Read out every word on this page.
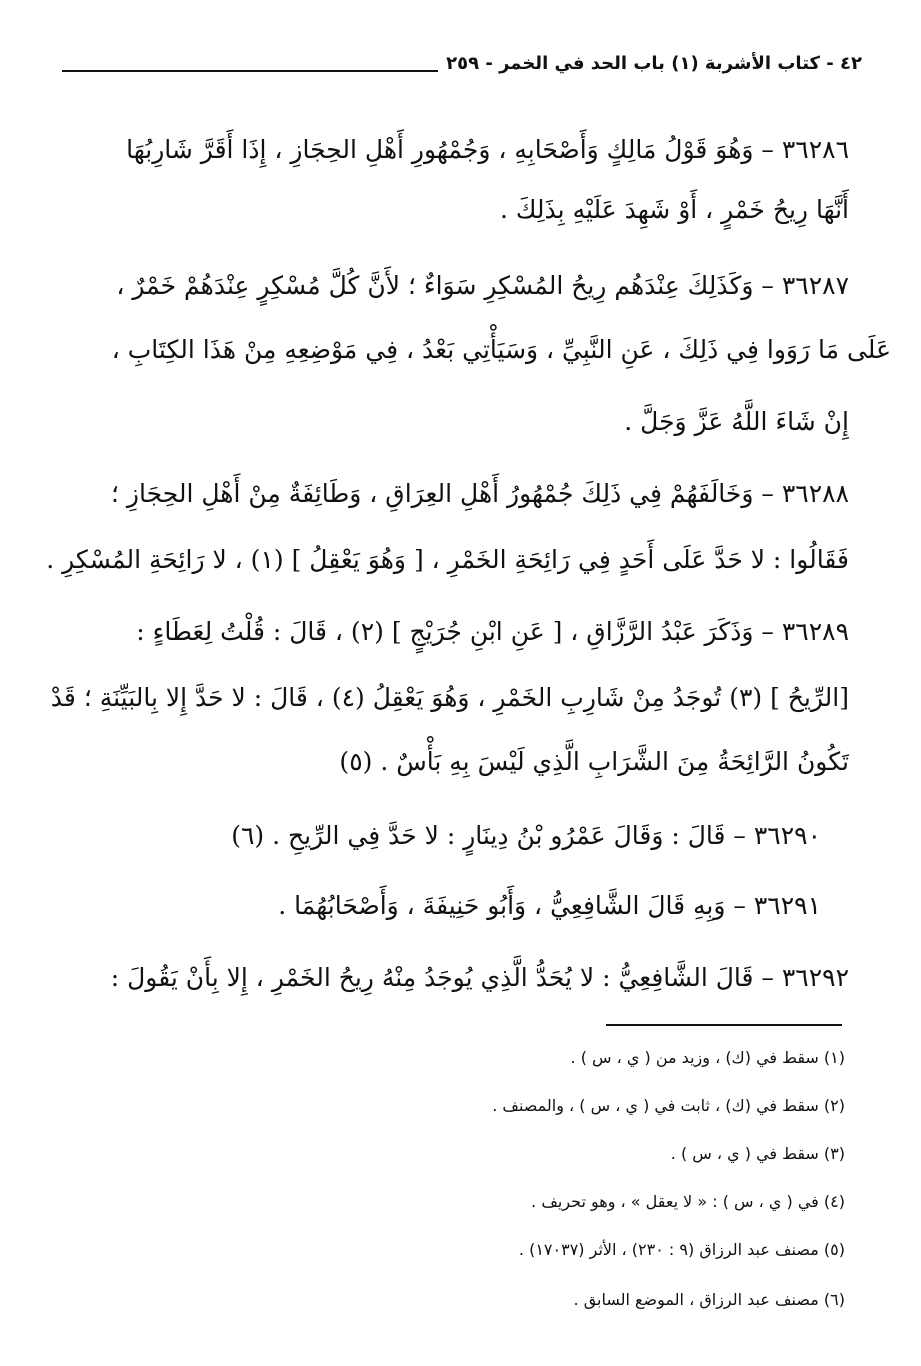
٤٢ - كتاب الأشربة (١) باب الحد في الخمر - ٢٥٩
٣٦٢٨٦ – وَهُوَ قَوْلُ مَالِكٍ وَأَصْحَابِهِ ، وَجُمْهُورِ أَهْلِ الحِجَازِ ، إِذَا أَقَرَّ شَارِبُهَا
أَنَّهَا رِيحُ خَمْرٍ ، أَوْ شَهِدَ عَلَيْهِ بِذَلِكَ .
٣٦٢٨٧ – وَكَذَلِكَ عِنْدَهُم رِيحُ المُسْكِرِ سَوَاءٌ ؛ لأَنَّ كُلَّ مُسْكِرٍ عِنْدَهُمْ خَمْرٌ ،
عَلَى مَا رَوَوا فِي ذَلِكَ ، عَنِ النَّبِيِّ ، وَسَيَأْتِي بَعْدُ ، فِي مَوْضِعِهِ مِنْ هَذَا الكِتَابِ ،
إِنْ شَاءَ اللَّهُ عَزَّ وَجَلَّ .
٣٦٢٨٨ – وَخَالَفَهُمْ فِي ذَلِكَ جُمْهُورُ أَهْلِ العِرَاقِ ، وَطَائِفَةٌ مِنْ أَهْلِ الحِجَازِ ؛
فَقَالُوا : لا حَدَّ عَلَى أَحَدٍ فِي رَائِحَةِ الخَمْرِ ، [ وَهُوَ يَعْقِلُ ] (١) ، لا رَائِحَةِ المُسْكِرِ .
٣٦٢٨٩ – وَذَكَرَ عَبْدُ الرَّزَّاقِ ، [ عَنِ ابْنِ جُرَيْجٍ ] (٢) ، قَالَ : قُلْتُ لِعَطَاءٍ :
[الرِّيحُ ] (٣) تُوجَدُ مِنْ شَارِبِ الخَمْرِ ، وَهُوَ يَعْقِلُ (٤) ، قَالَ : لا حَدَّ إِلا بِالبَيِّنَةِ ؛ قَدْ
تَكُونُ الرَّائِحَةُ مِنَ الشَّرَابِ الَّذِي لَيْسَ بِهِ بَأْسٌ . (٥)
٣٦٢٩٠ – قَالَ : وَقَالَ عَمْرُو بْنُ دِينَارٍ : لا حَدَّ فِي الرِّيحِ . (٦)
٣٦٢٩١ – وَبِهِ قَالَ الشَّافِعِيُّ ، وَأَبُو حَنِيفَةَ ، وَأَصْحَابُهُمَا .
٣٦٢٩٢ – قَالَ الشَّافِعِيُّ : لا يُحَدُّ الَّذِي يُوجَدُ مِنْهُ رِيحُ الخَمْرِ ، إِلا بِأَنْ يَقُولَ :
(١) سقط في (ك) ، وزيد من ( ي ، س ) .
(٢) سقط في (ك) ، ثابت في ( ي ، س ) ، والمصنف .
(٣) سقط في ( ي ، س ) .
(٤) في ( ي ، س ) : « لا يعقل » ، وهو تحريف .
(٥) مصنف عبد الرزاق (٩ : ٢٣٠) ، الأثر (١٧٠٣٧) .
(٦) مصنف عبد الرزاق ، الموضع السابق .
